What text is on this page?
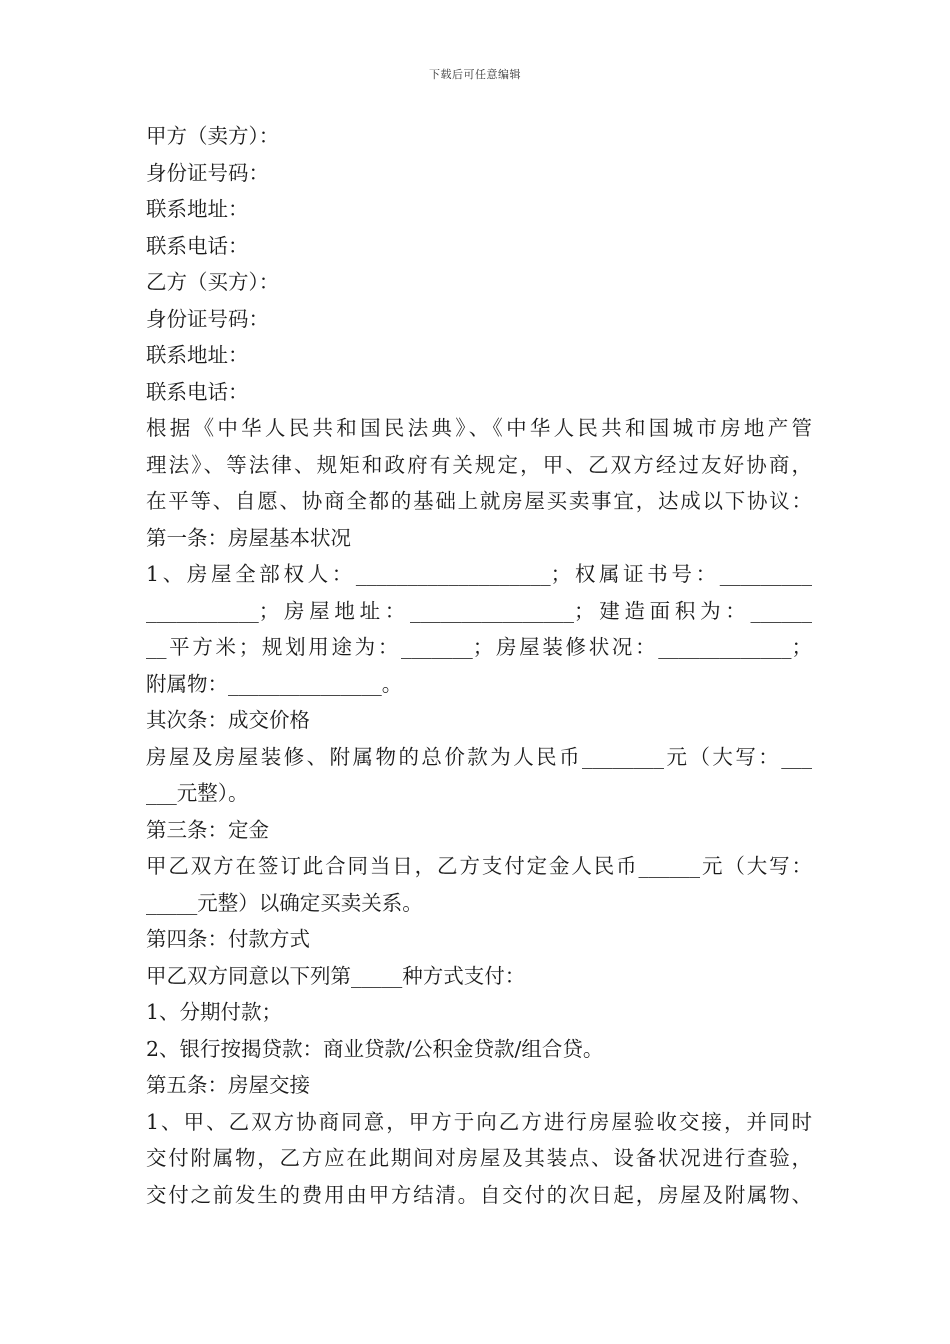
下载后可任意编辑
甲方（卖方）：
身份证号码：
联系地址：
联系电话：
乙方（买方）：
身份证号码：
联系地址：
联系电话：
根据《中华人民共和国民法典》、《中华人民共和国城市房地产管
理法》、等法律、规矩和政府有关规定，甲、乙双方经过友好协商，
在平等、自愿、协商全都的基础上就房屋买卖事宜，达成以下协议：
第一条：房屋基本状况
1、房屋全部权人：___________________；权属证书号：_________
___________；房屋地址：________________；建造面积为：______
__平方米；规划用途为：_______；房屋装修状况：_____________；
附属物：_______________。
其次条：成交价格
房屋及房屋装修、附属物的总价款为人民币________元（大写：___
___元整）。
第三条：定金
甲乙双方在签订此合同当日，乙方支付定金人民币______元（大写：
_____元整）以确定买卖关系。
第四条：付款方式
甲乙双方同意以下列第_____种方式支付：
1、分期付款；
2、银行按揭贷款：商业贷款/公积金贷款/组合贷。
第五条：房屋交接
1、甲、乙双方协商同意，甲方于向乙方进行房屋验收交接，并同时
交付附属物，乙方应在此期间对房屋及其装点、设备状况进行查验，
交付之前发生的费用由甲方结清。自交付的次日起，房屋及附属物、
